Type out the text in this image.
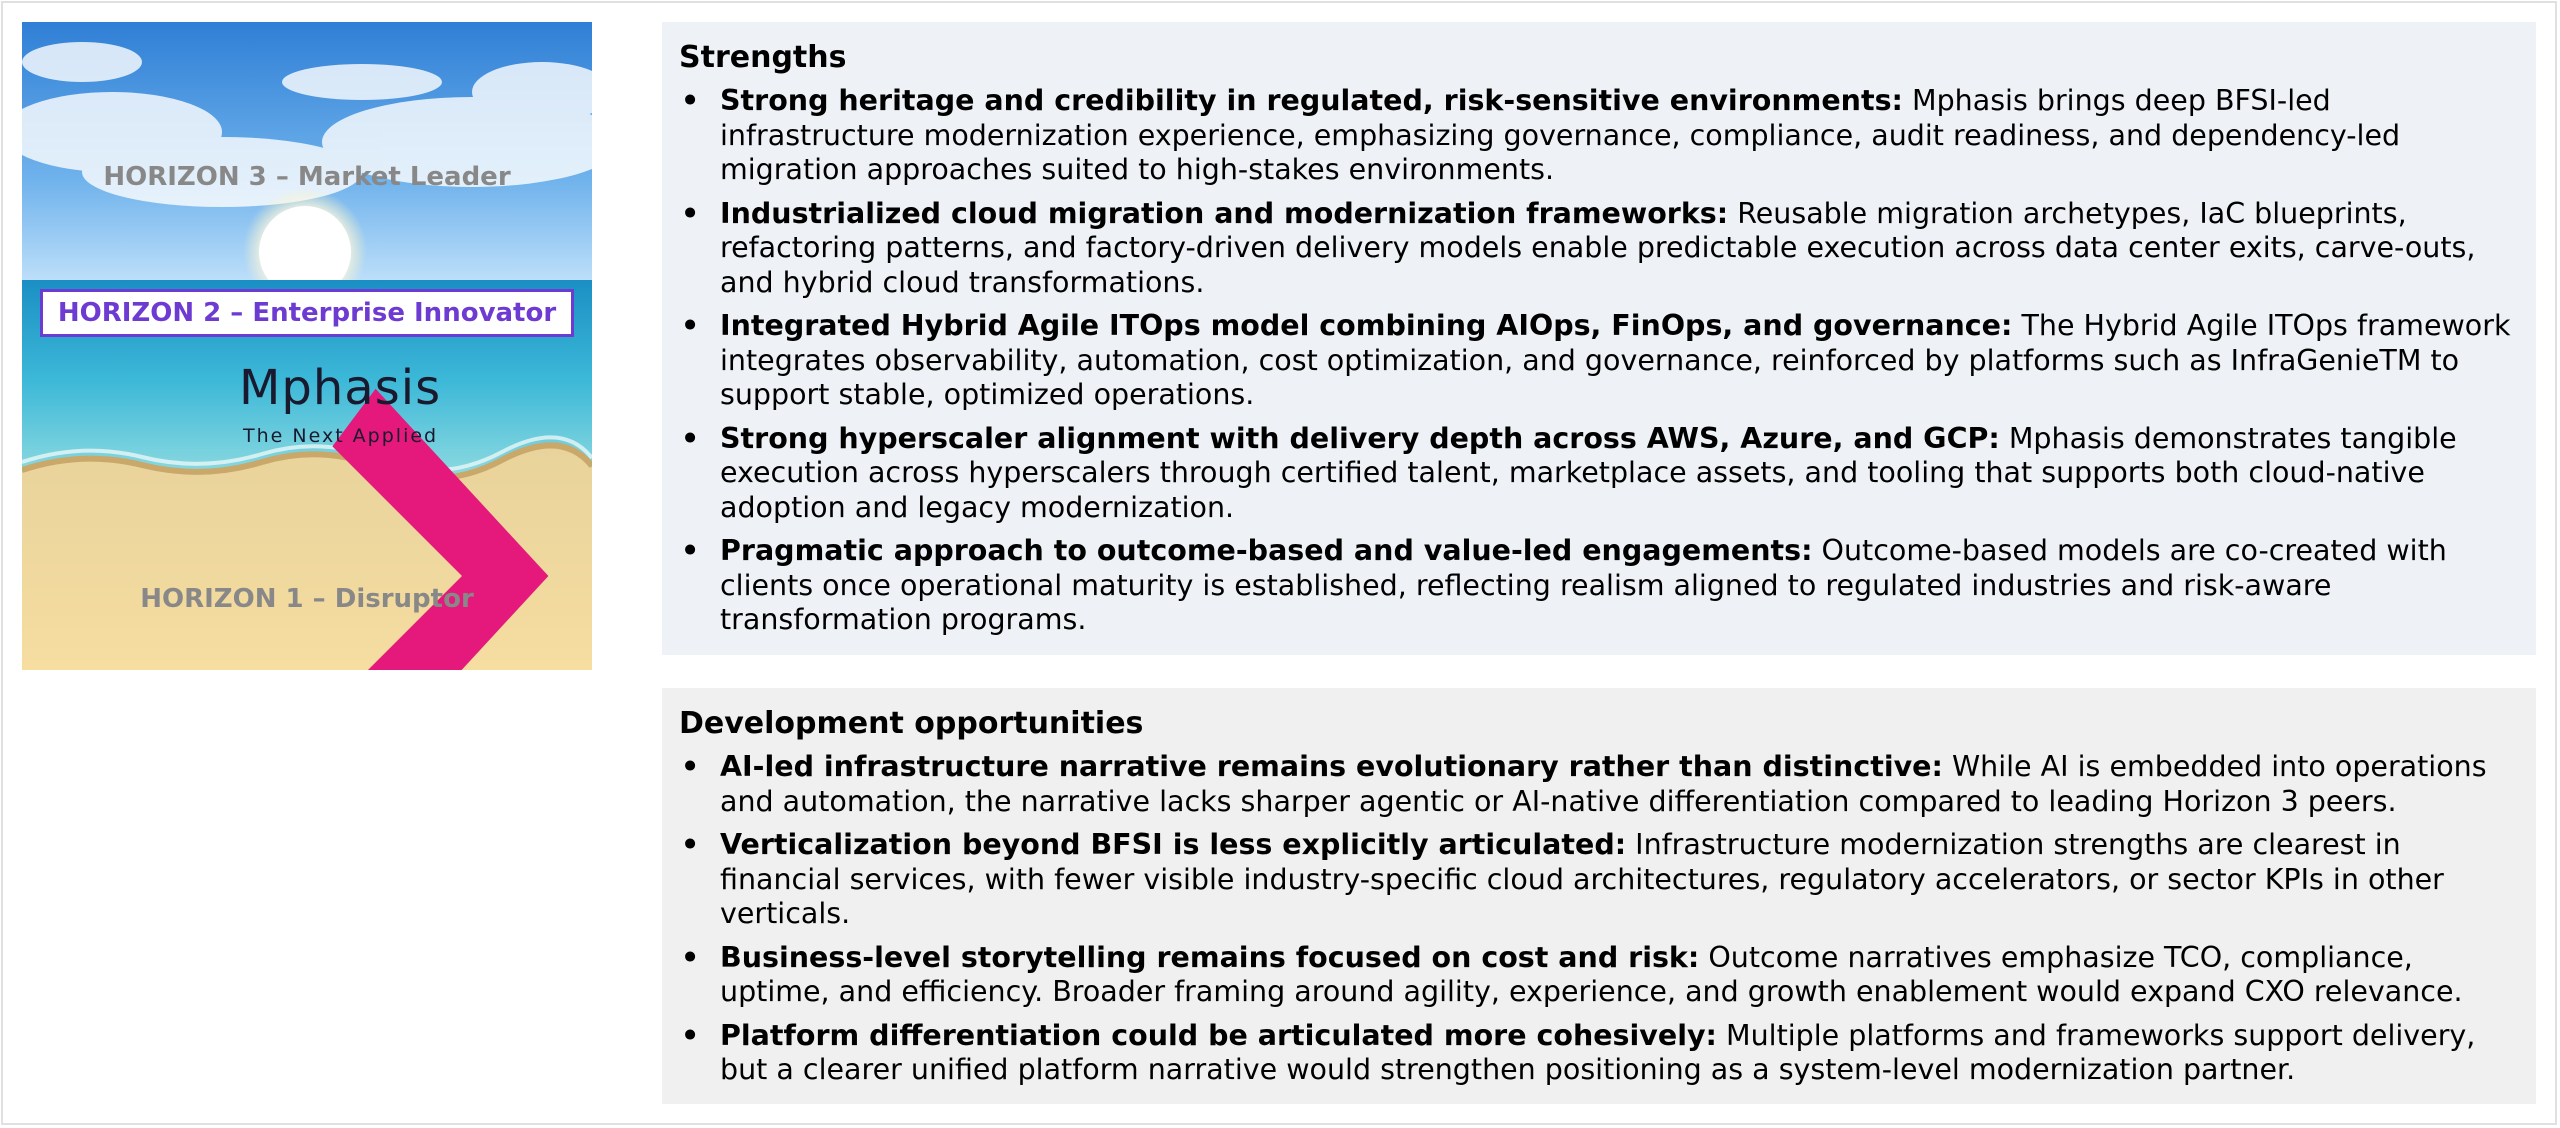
HORIZON 3 – Market Leader
HORIZON 2 – Enterprise Innovator
Mphasis
The Next Applied
HORIZON 1 – Disruptor
Strengths
• Strong heritage and credibility in regulated, risk-sensitive environments: Mphasis brings deep BFSI-led infrastructure modernization experience, emphasizing governance, compliance, audit readiness, and dependency-led migration approaches suited to high-stakes environments.
• Industrialized cloud migration and modernization frameworks: Reusable migration archetypes, IaC blueprints, refactoring patterns, and factory-driven delivery models enable predictable execution across data center exits, carve-outs, and hybrid cloud transformations.
• Integrated Hybrid Agile ITOps model combining AIOps, FinOps, and governance: The Hybrid Agile ITOps framework integrates observability, automation, cost optimization, and governance, reinforced by platforms such as InfraGenieTM to support stable, optimized operations.
• Strong hyperscaler alignment with delivery depth across AWS, Azure, and GCP: Mphasis demonstrates tangible execution across hyperscalers through certified talent, marketplace assets, and tooling that supports both cloud-native adoption and legacy modernization.
• Pragmatic approach to outcome-based and value-led engagements: Outcome-based models are co-created with clients once operational maturity is established, reflecting realism aligned to regulated industries and risk-aware transformation programs.
Development opportunities
• AI-led infrastructure narrative remains evolutionary rather than distinctive: While AI is embedded into operations and automation, the narrative lacks sharper agentic or AI-native differentiation compared to leading Horizon 3 peers.
• Verticalization beyond BFSI is less explicitly articulated: Infrastructure modernization strengths are clearest in financial services, with fewer visible industry-specific cloud architectures, regulatory accelerators, or sector KPIs in other verticals.
• Business-level storytelling remains focused on cost and risk: Outcome narratives emphasize TCO, compliance, uptime, and efficiency. Broader framing around agility, experience, and growth enablement would expand CXO relevance.
• Platform differentiation could be articulated more cohesively: Multiple platforms and frameworks support delivery, but a clearer unified platform narrative would strengthen positioning as a system-level modernization partner.
